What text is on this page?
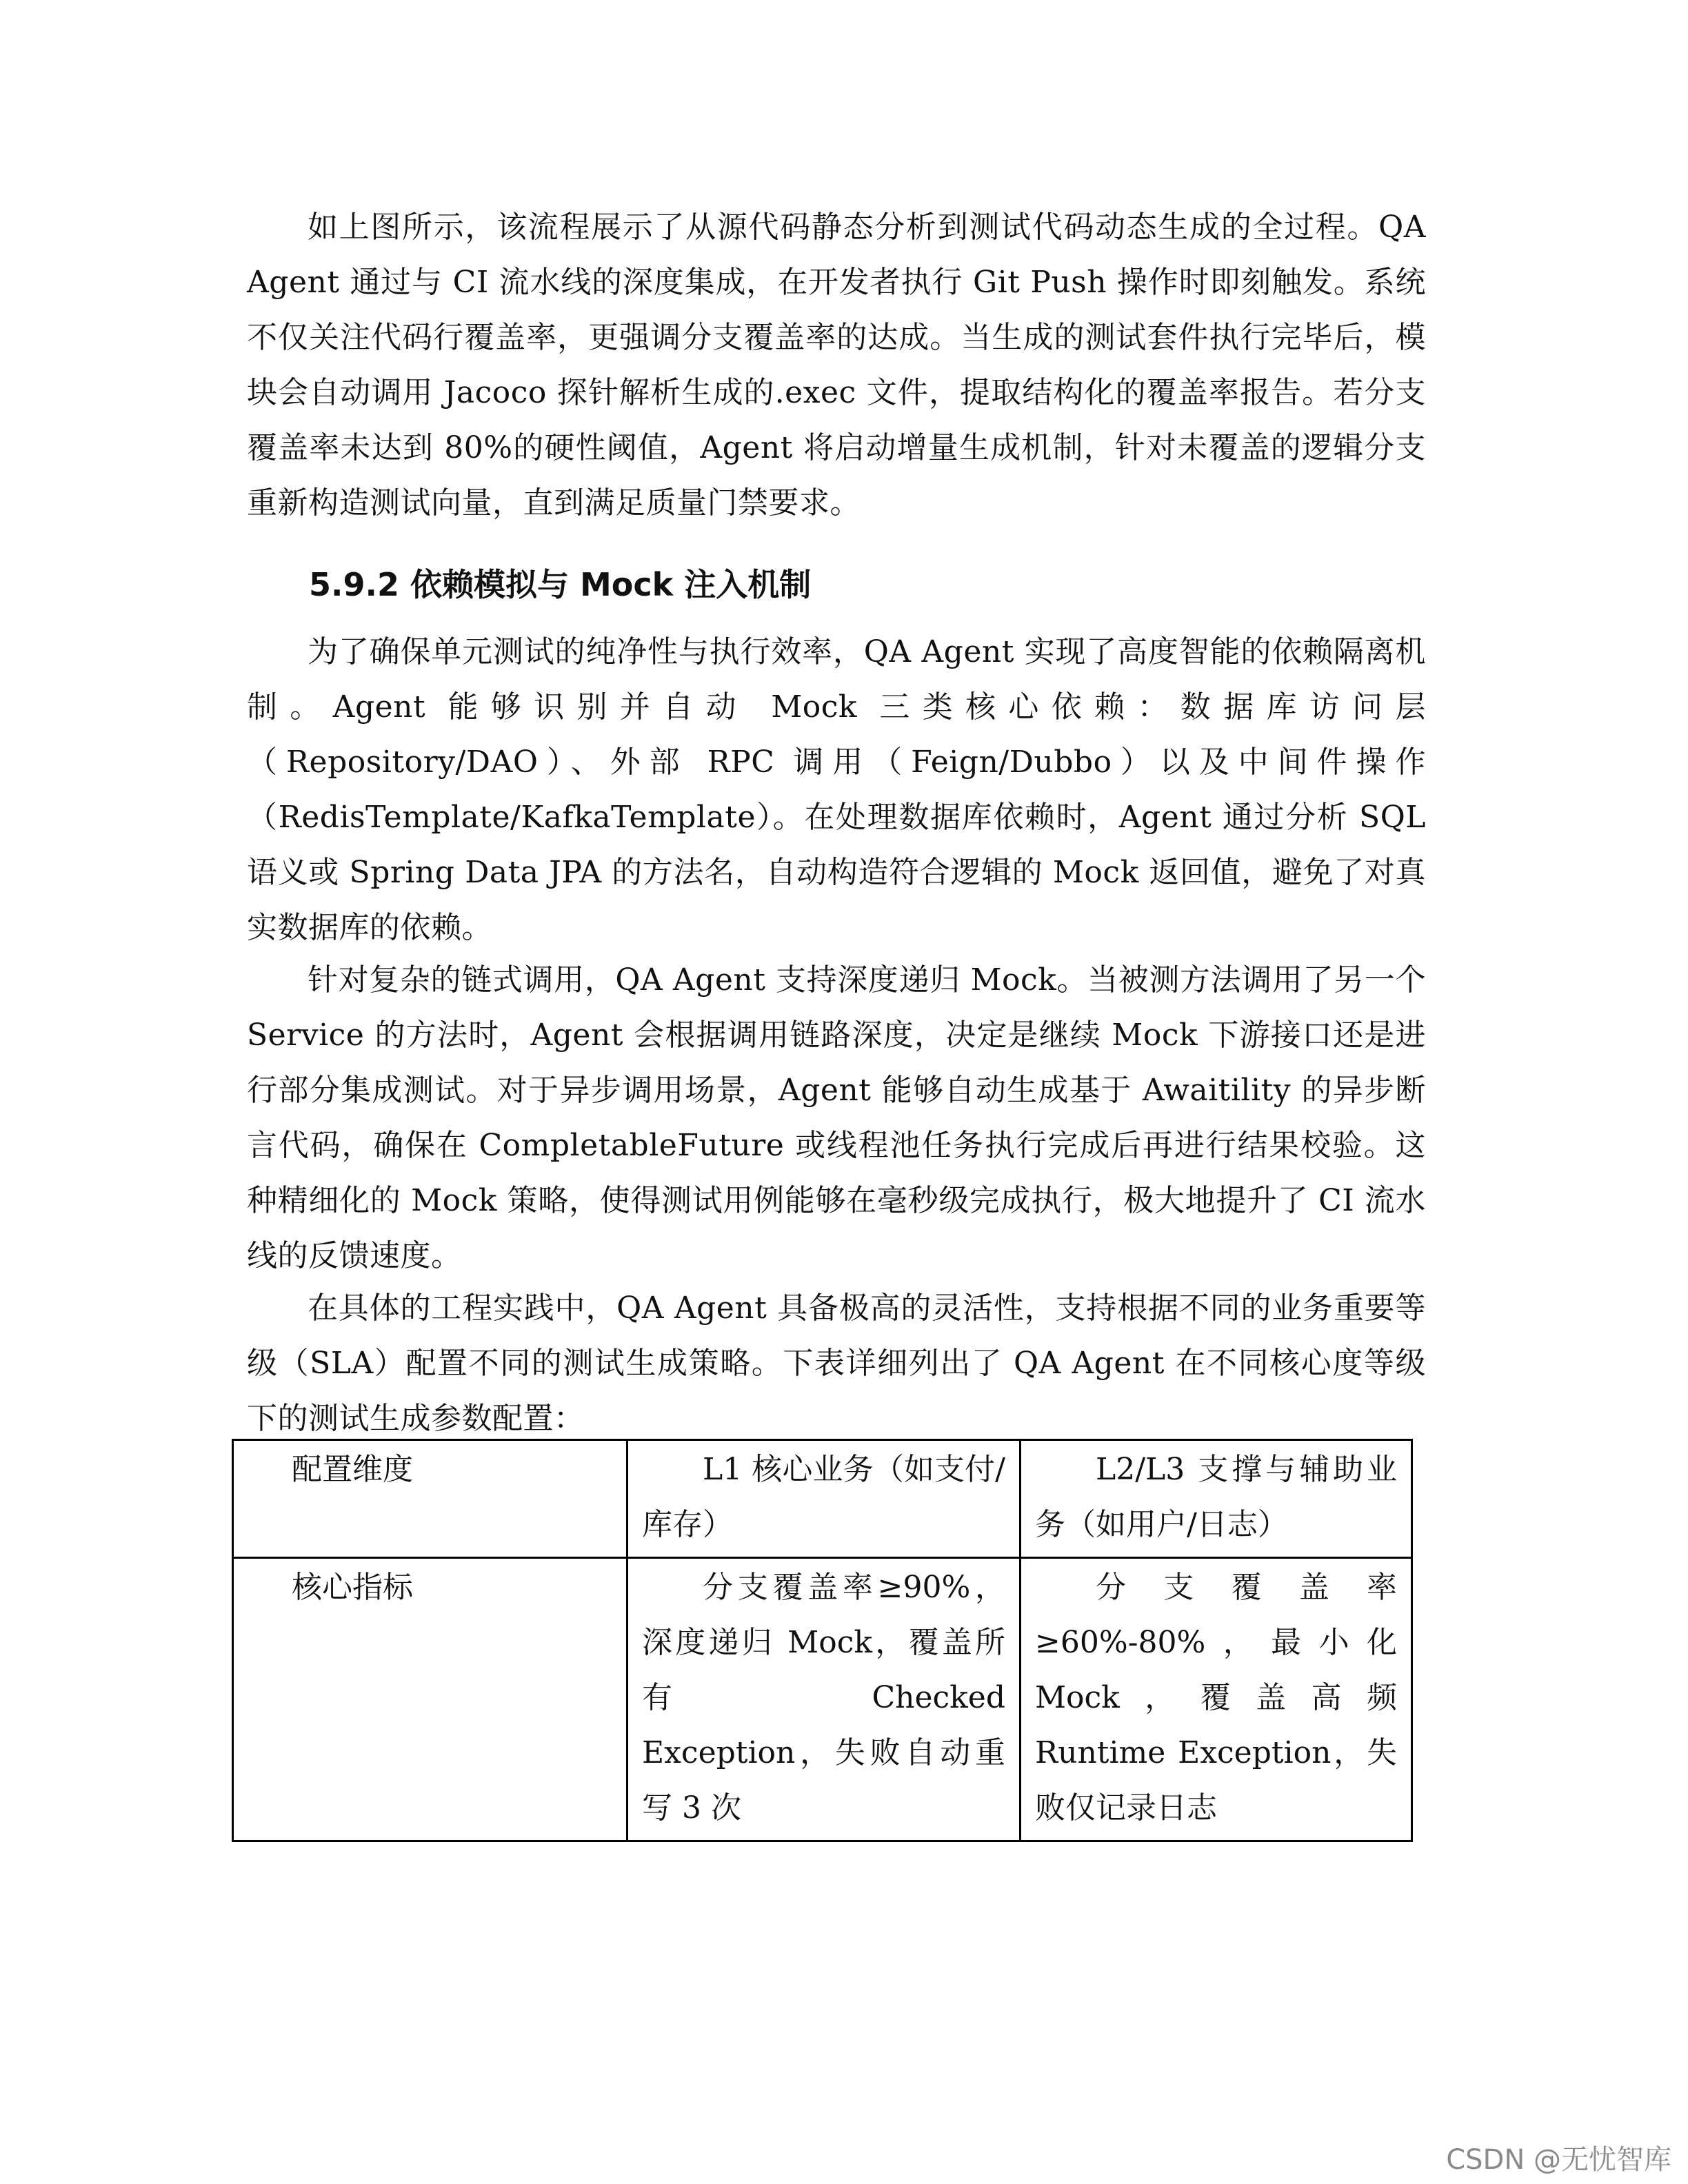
如上图所示，该流程展示了从源代码静态分析到测试代码动态生成的全过程。QA Agent 通过与 CI 流水线的深度集成，在开发者执行 Git Push 操作时即刻触发。系统不仅关注代码行覆盖率，更强调分支覆盖率的达成。当生成的测试套件执行完毕后，模块会自动调用 Jacoco 探针解析生成的.exec 文件，提取结构化的覆盖率报告。若分支覆盖率未达到 80%的硬性阈值，Agent 将启动增量生成机制，针对未覆盖的逻辑分支重新构造测试向量，直到满足质量门禁要求。

5.9.2 依赖模拟与 Mock 注入机制

为了确保单元测试的纯净性与执行效率，QA Agent 实现了高度智能的依赖隔离机制。Agent 能够识别并自动 Mock 三类核心依赖：数据库访问层（Repository/DAO）、外部 RPC 调用（Feign/Dubbo）以及中间件操作（RedisTemplate/KafkaTemplate）。在处理数据库依赖时，Agent 通过分析 SQL 语义或 Spring Data JPA 的方法名，自动构造符合逻辑的 Mock 返回值，避免了对真实数据库的依赖。

针对复杂的链式调用，QA Agent 支持深度递归 Mock。当被测方法调用了另一个 Service 的方法时，Agent 会根据调用链路深度，决定是继续 Mock 下游接口还是进行部分集成测试。对于异步调用场景，Agent 能够自动生成基于 Awaitility 的异步断言代码，确保在 CompletableFuture 或线程池任务执行完成后再进行结果校验。这种精细化的 Mock 策略，使得测试用例能够在毫秒级完成执行，极大地提升了 CI 流水线的反馈速度。

在具体的工程实践中，QA Agent 具备极高的灵活性，支持根据不同的业务重要等级（SLA）配置不同的测试生成策略。下表详细列出了 QA Agent 在不同核心度等级下的测试生成参数配置：

配置维度	L1 核心业务（如支付/库存）	L2/L3 支撑与辅助业务（如用户/日志）
核心指标	分支覆盖率≥90%，深度递归 Mock，覆盖所有 Checked Exception，失败自动重写 3 次	分支覆盖率≥60%-80%，最小化 Mock，覆盖高频 Runtime Exception，失败仅记录日志

CSDN @无忧智库
